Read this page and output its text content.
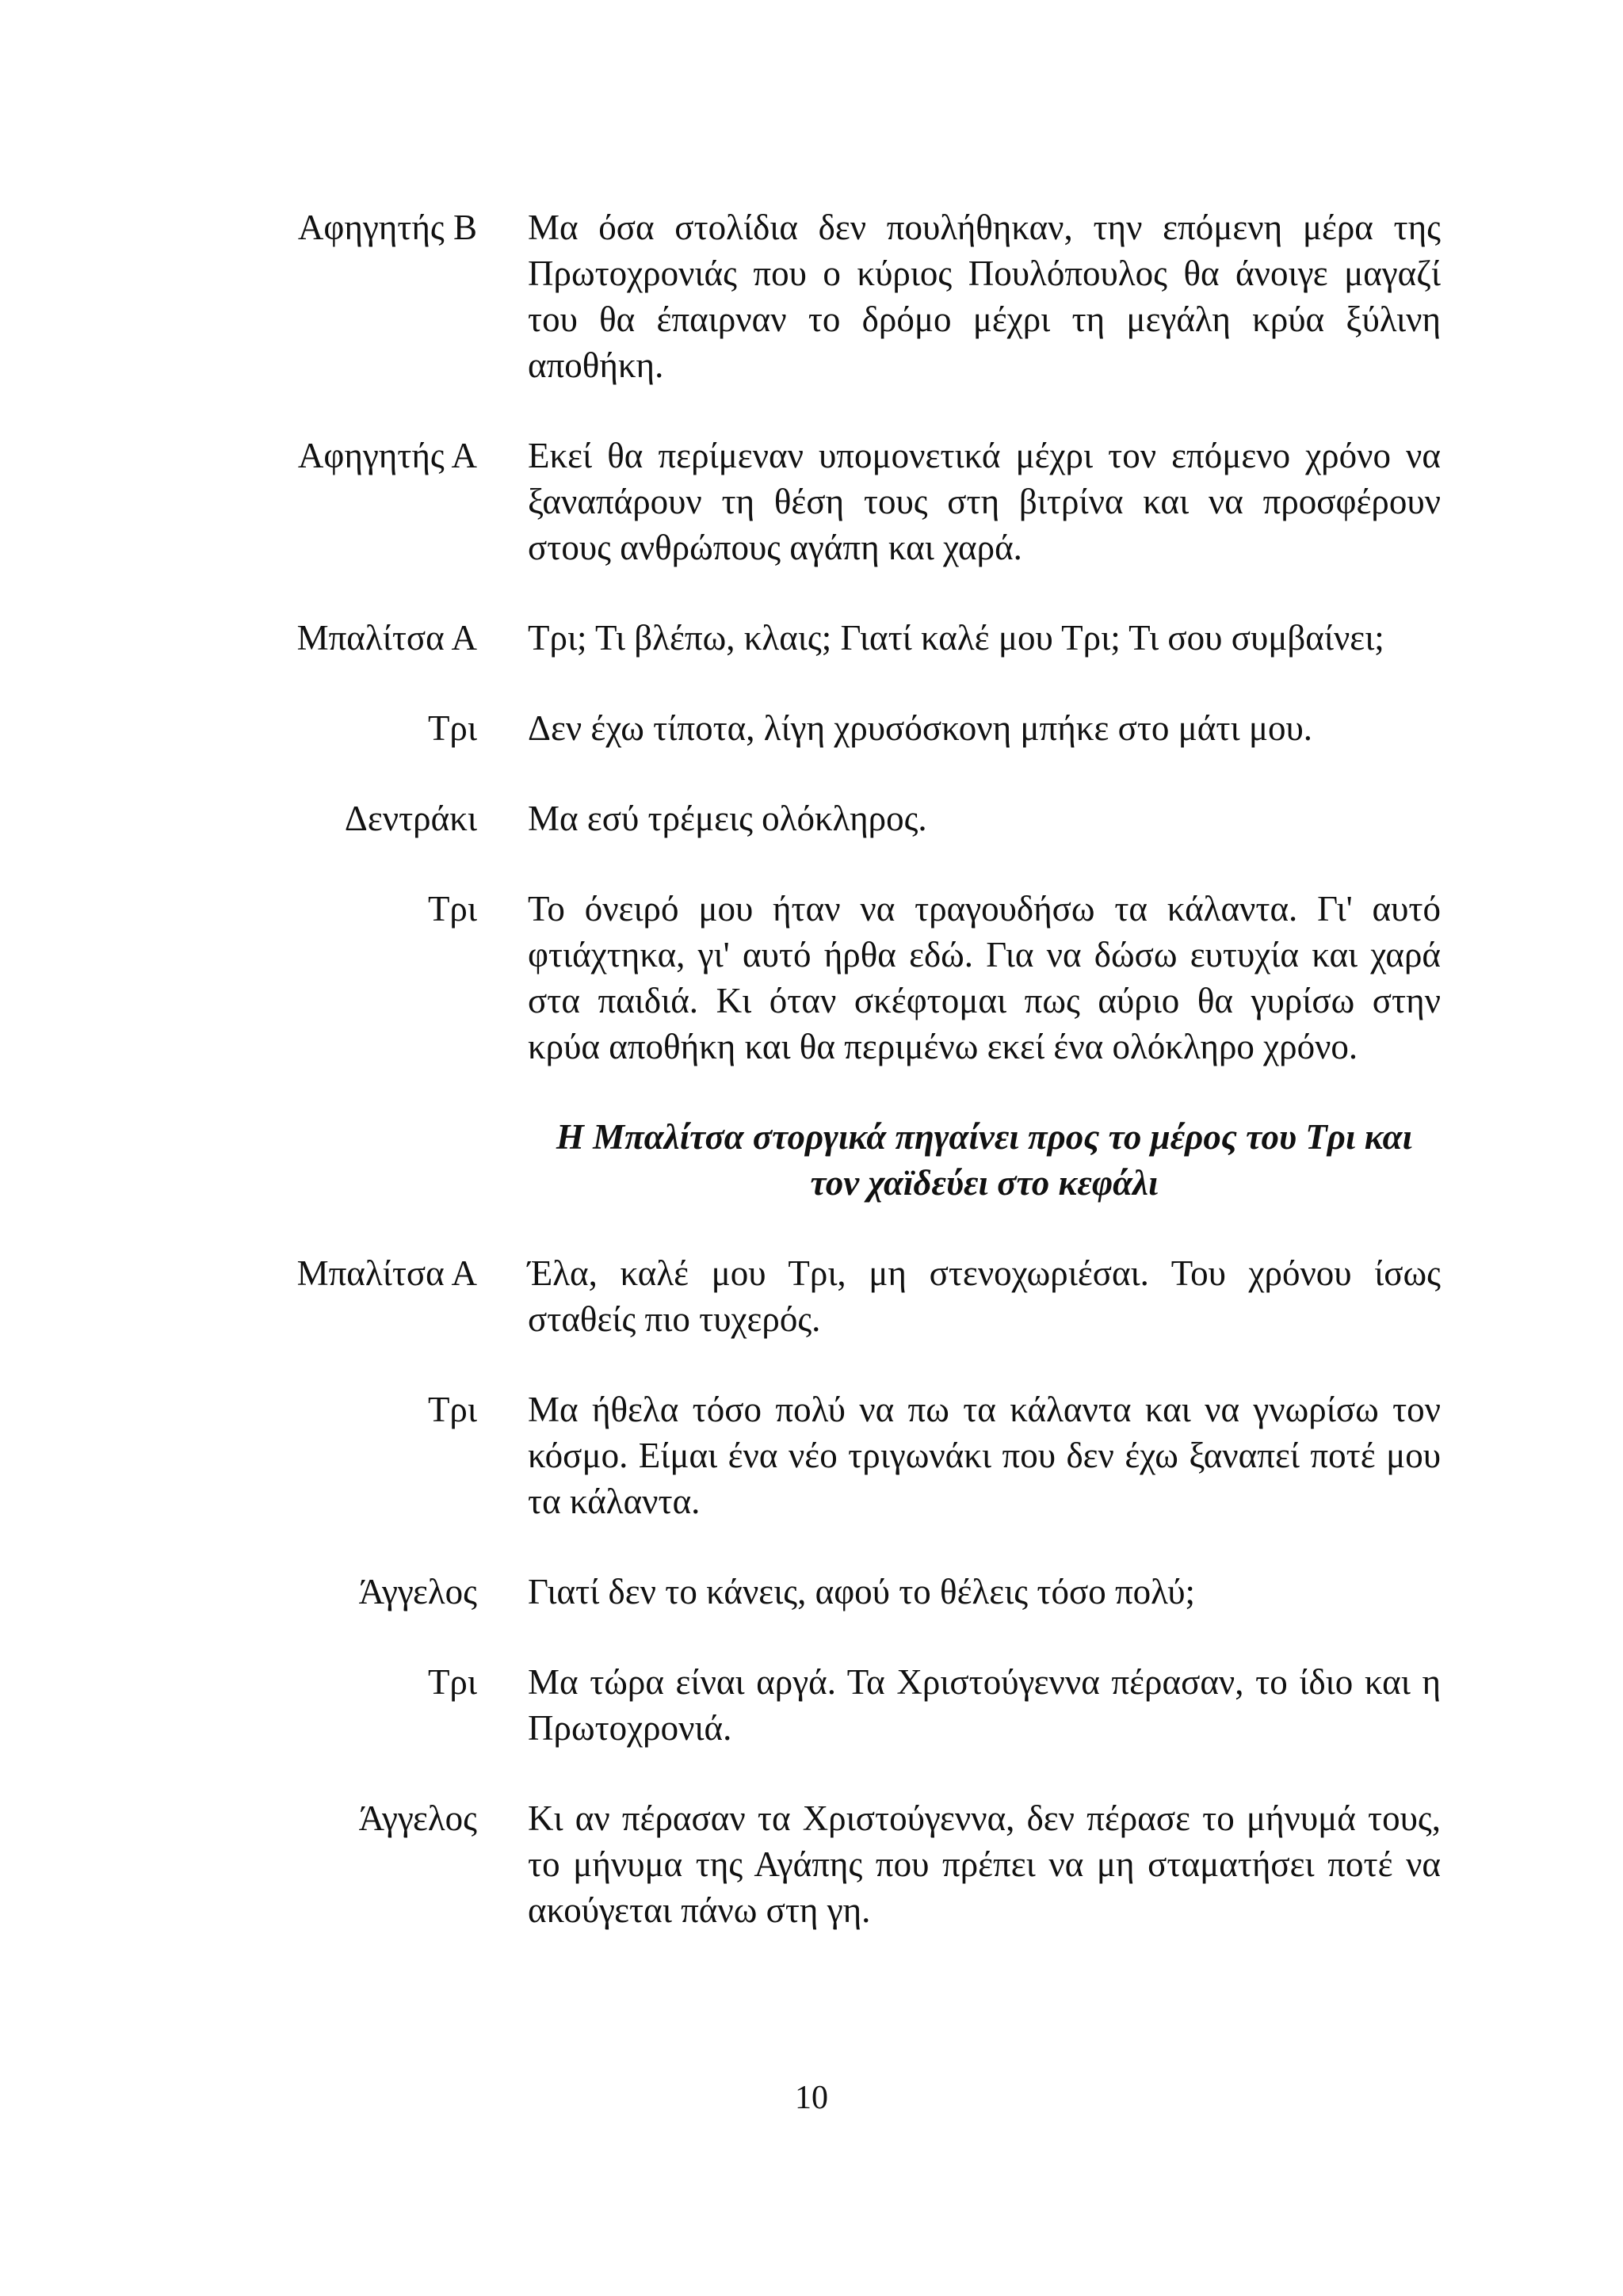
Αφηγητής Β Μα όσα στολίδια δεν πουλήθηκαν, την επόμενη μέρα της Πρωτοχρονιάς που ο κύριος Πουλόπουλος θα άνοιγε μαγαζί του θα έπαιρναν το δρόμο μέχρι τη μεγάλη κρύα ξύλινη αποθήκη.
Αφηγητής Α Εκεί θα περίμεναν υπομονετικά μέχρι τον επόμενο χρόνο να ξαναπάρουν τη θέση τους στη βιτρίνα και να προσφέρουν στους ανθρώπους αγάπη και χαρά.
Μπαλίτσα Α Τρι; Τι βλέπω, κλαις; Γιατί καλέ μου Τρι; Τι σου συμβαίνει;
Τρι Δεν έχω τίποτα, λίγη χρυσόσκονη μπήκε στο μάτι μου.
Δεντράκι Μα εσύ τρέμεις ολόκληρος.
Τρι Το όνειρό μου ήταν να τραγουδήσω τα κάλαντα. Γι' αυτό φτιάχτηκα, γι' αυτό ήρθα εδώ. Για να δώσω ευτυχία και χαρά στα παιδιά. Κι όταν σκέφτομαι πως αύριο θα γυρίσω στην κρύα αποθήκη και θα περιμένω εκεί ένα ολόκληρο χρόνο.
Η Μπαλίτσα στοργικά πηγαίνει προς το μέρος του Τρι και
τον χαϊδεύει στο κεφάλι
Μπαλίτσα Α Έλα, καλέ μου Τρι, μη στενοχωριέσαι. Του χρόνου ίσως σταθείς πιο τυχερός.
Τρι Μα ήθελα τόσο πολύ να πω τα κάλαντα και να γνωρίσω τον κόσμο. Είμαι ένα νέο τριγωνάκι που δεν έχω ξαναπεί ποτέ μου τα κάλαντα.
Άγγελος Γιατί δεν το κάνεις, αφού το θέλεις τόσο πολύ;
Τρι Μα τώρα είναι αργά. Τα Χριστούγεννα πέρασαν, το ίδιο και η Πρωτοχρονιά.
Άγγελος Κι αν πέρασαν τα Χριστούγεννα, δεν πέρασε το μήνυμά τους, το μήνυμα της Αγάπης που πρέπει να μη σταματήσει ποτέ να ακούγεται πάνω στη γη.
10
